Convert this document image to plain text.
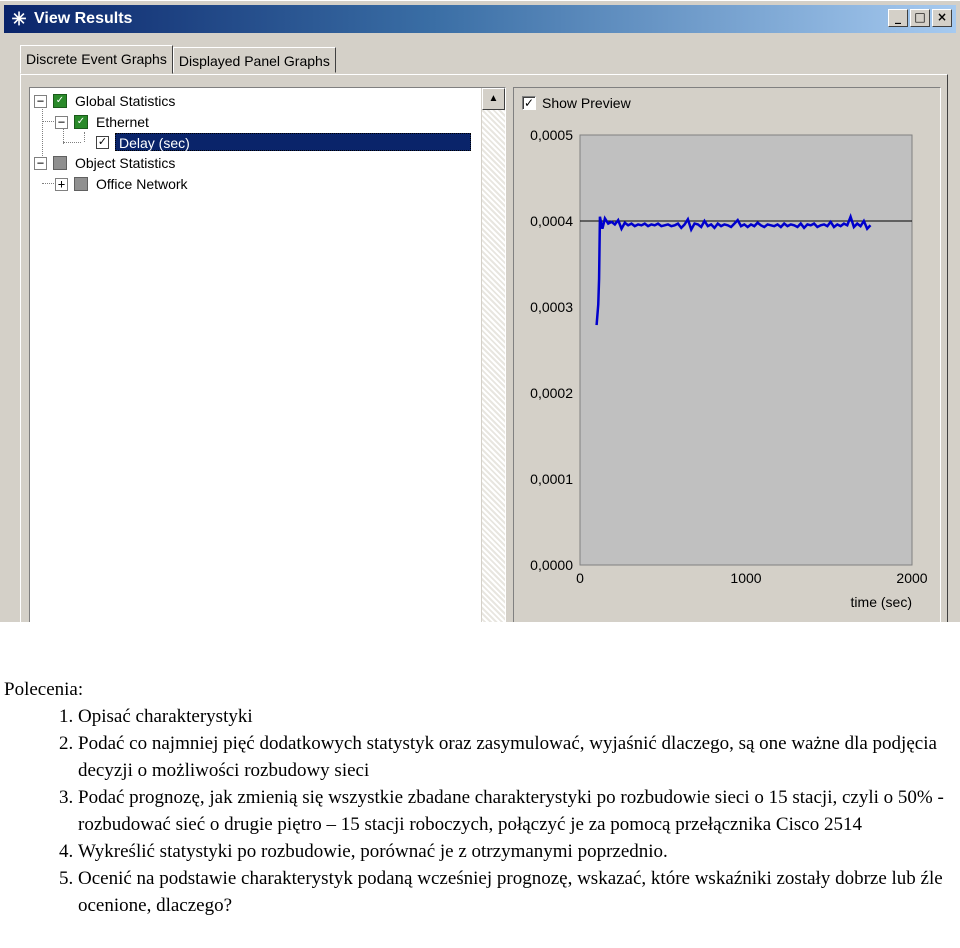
✳ View Results	_	□ ×
Discrete Event Graphs Displayed Panel Graphs
− ✓ Global Statistics
− ✓ Ethernet
✓ Delay (sec)
− Object Statistics
+ Office Network
▲	✓ Show Preview
0,0005
0,0004
0,0003
0,0002
0,0001
0,0000
0	1000	2000
time (sec)

Polecenia:

1. Opisać charakterystyki
2. Podać co najmniej pięć dodatkowych statystyk oraz zasymulować, wyjaśnić dlaczego, są one ważne dla podjęcia decyzji o możliwości rozbudowy sieci
3. Podać prognozę, jak zmienią się wszystkie zbadane charakterystyki po rozbudowie sieci o 15 stacji, czyli o 50% - rozbudować sieć o drugie piętro – 15 stacji roboczych, połączyć je za pomocą przełącznika Cisco 2514
4. Wykreślić statystyki po rozbudowie, porównać je z otrzymanymi poprzednio.
5. Ocenić na podstawie charakterystyk podaną wcześniej prognozę, wskazać, które wskaźniki zostały dobrze lub źle ocenione, dlaczego?
